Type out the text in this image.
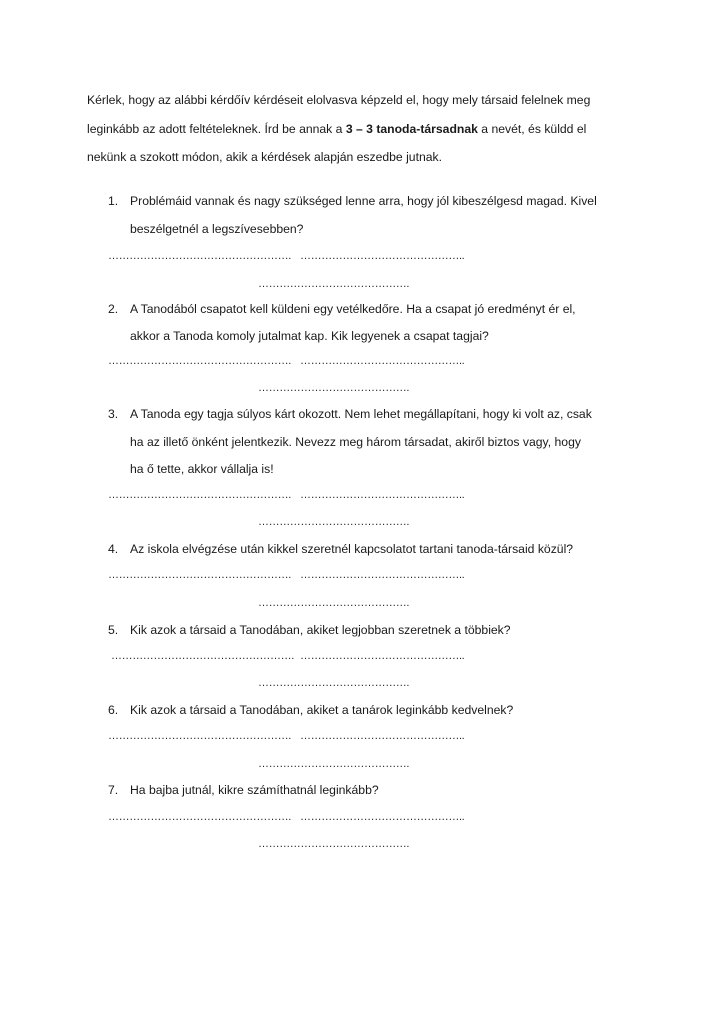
Kérlek, hogy az alábbi kérdőív kérdéseit elolvasva képzeld el, hogy mely társaid felelnek meg
leginkább az adott feltételeknek. Írd be annak a 3 – 3 tanoda-társadnak a nevét, és küldd el
nekünk a szokott módon, akik a kérdések alapján eszedbe jutnak.
1. Problémáid vannak és nagy szükséged lenne arra, hogy jól kibeszélgesd magad. Kivel
beszélgetnél a legszívesebben?
……………………………………………. ………………………………………..
…………………………………….
2. A Tanodából csapatot kell küldeni egy vetélkedőre. Ha a csapat jó eredményt ér el,
akkor a Tanoda komoly jutalmat kap. Kik legyenek a csapat tagjai?
……………………………………………. ………………………………………..
…………………………………….
3. A Tanoda egy tagja súlyos kárt okozott. Nem lehet megállapítani, hogy ki volt az, csak
ha az illető önként jelentkezik. Nevezz meg három társadat, akiről biztos vagy, hogy
ha ő tette, akkor vállalja is!
……………………………………………. ………………………………………..
…………………………………….
4. Az iskola elvégzése után kikkel szeretnél kapcsolatot tartani tanoda-társaid közül?
……………………………………………. ………………………………………..
…………………………………….
5. Kik azok a társaid a Tanodában, akiket legjobban szeretnek a többiek?
……………………………………………. ………………………………………..
…………………………………….
6. Kik azok a társaid a Tanodában, akiket a tanárok leginkább kedvelnek?
……………………………………………. ………………………………………..
…………………………………….
7. Ha bajba jutnál, kikre számíthatnál leginkább?
……………………………………………. ………………………………………..
…………………………………….
